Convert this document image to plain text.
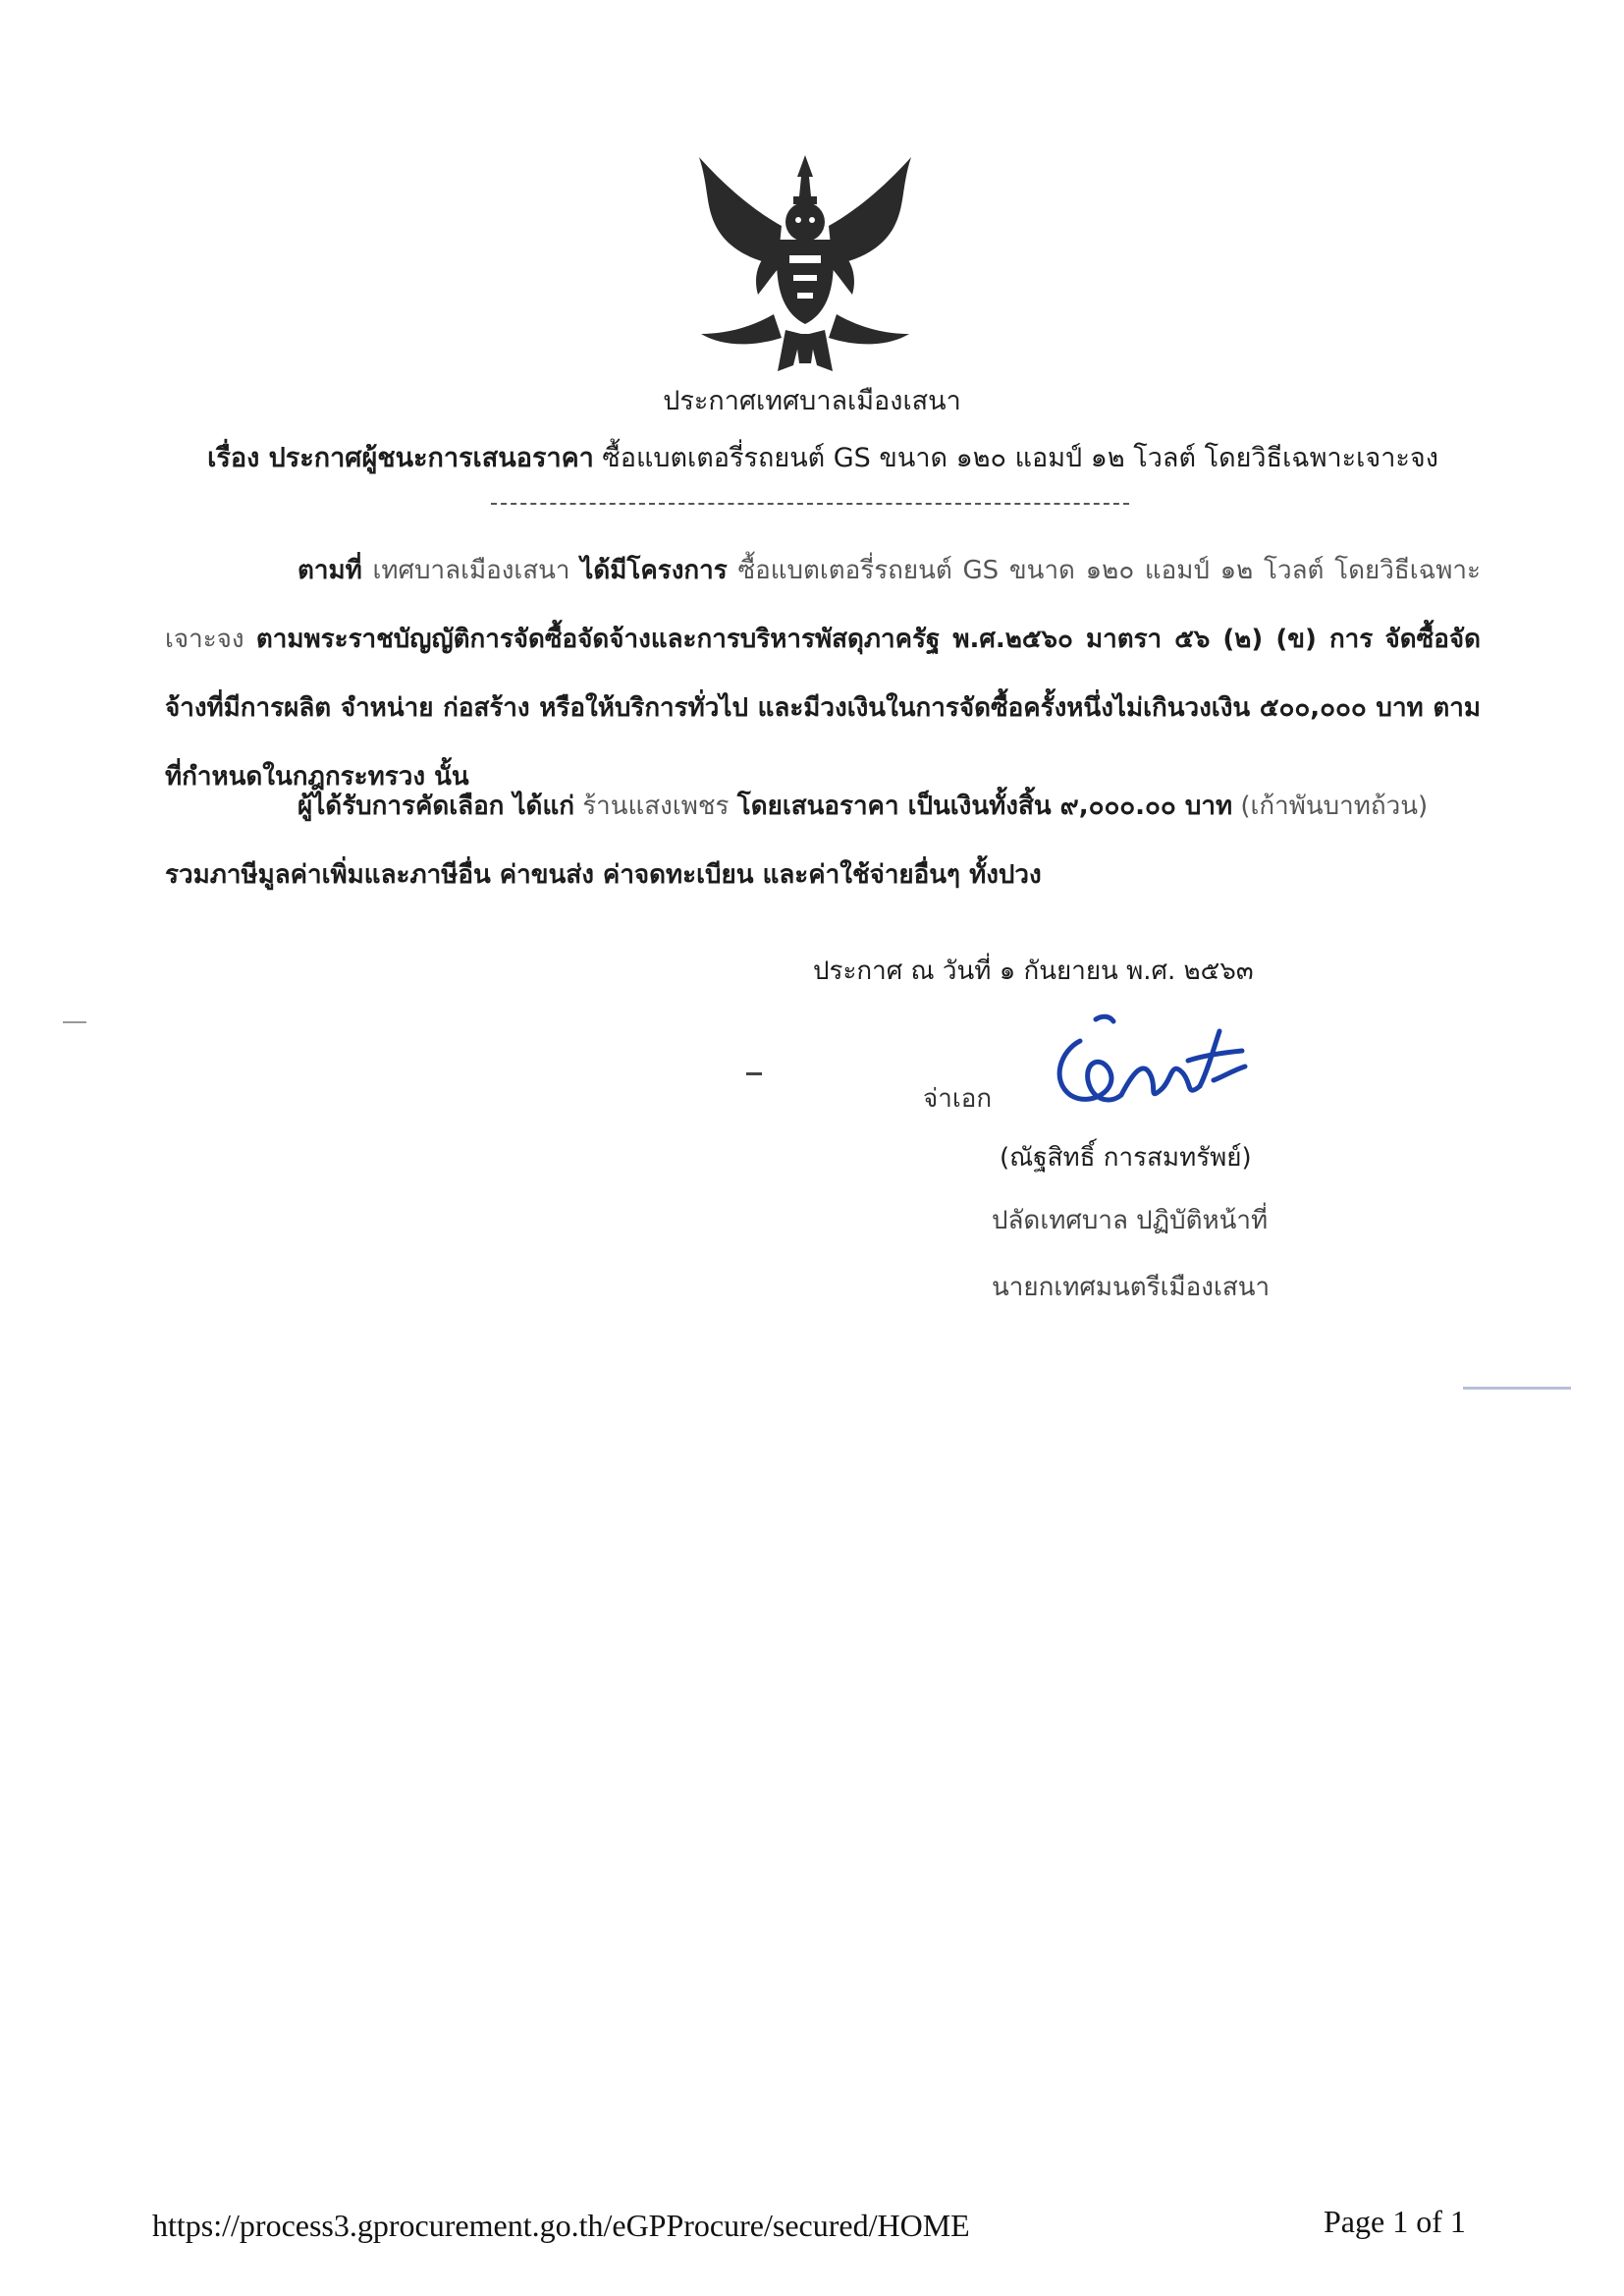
ประกาศเทศบาลเมืองเสนา
เรื่อง ประกาศผู้ชนะการเสนอราคา ซื้อแบตเตอรี่รถยนต์ GS ขนาด ๑๒๐ แอมป์ ๑๒ โวลต์ โดยวิธีเฉพาะเจาะจง
ตามที่ เทศบาลเมืองเสนา ได้มีโครงการ ซื้อแบตเตอรี่รถยนต์ GS ขนาด ๑๒๐ แอมป์ ๑๒ โวลต์ โดยวิธีเฉพาะเจาะจง ตามพระราชบัญญัติการจัดซื้อจัดจ้างและการบริหารพัสดุภาครัฐ พ.ศ.๒๕๖๐ มาตรา ๕๖ (๒) (ข) การ จัดซื้อจัดจ้างที่มีการผลิต จำหน่าย ก่อสร้าง หรือให้บริการทั่วไป และมีวงเงินในการจัดซื้อครั้งหนึ่งไม่เกินวงเงิน ๕๐๐,๐๐๐ บาท ตามที่กำหนดในกฎกระทรวง นั้น
ผู้ได้รับการคัดเลือก ได้แก่ ร้านแสงเพชร โดยเสนอราคา เป็นเงินทั้งสิ้น ๙,๐๐๐.๐๐ บาท (เก้าพันบาทถ้วน) รวมภาษีมูลค่าเพิ่มและภาษีอื่น ค่าขนส่ง ค่าจดทะเบียน และค่าใช้จ่ายอื่นๆ ทั้งปวง
ประกาศ ณ วันที่ ๑ กันยายน พ.ศ. ๒๕๖๓
จ่าเอก
(ณัฐสิทธิ์ การสมทรัพย์)
ปลัดเทศบาล ปฏิบัติหน้าที่
นายกเทศมนตรีเมืองเสนา
https://process3.gprocurement.go.th/eGPProcure/secured/HOME	Page 1 of 1
